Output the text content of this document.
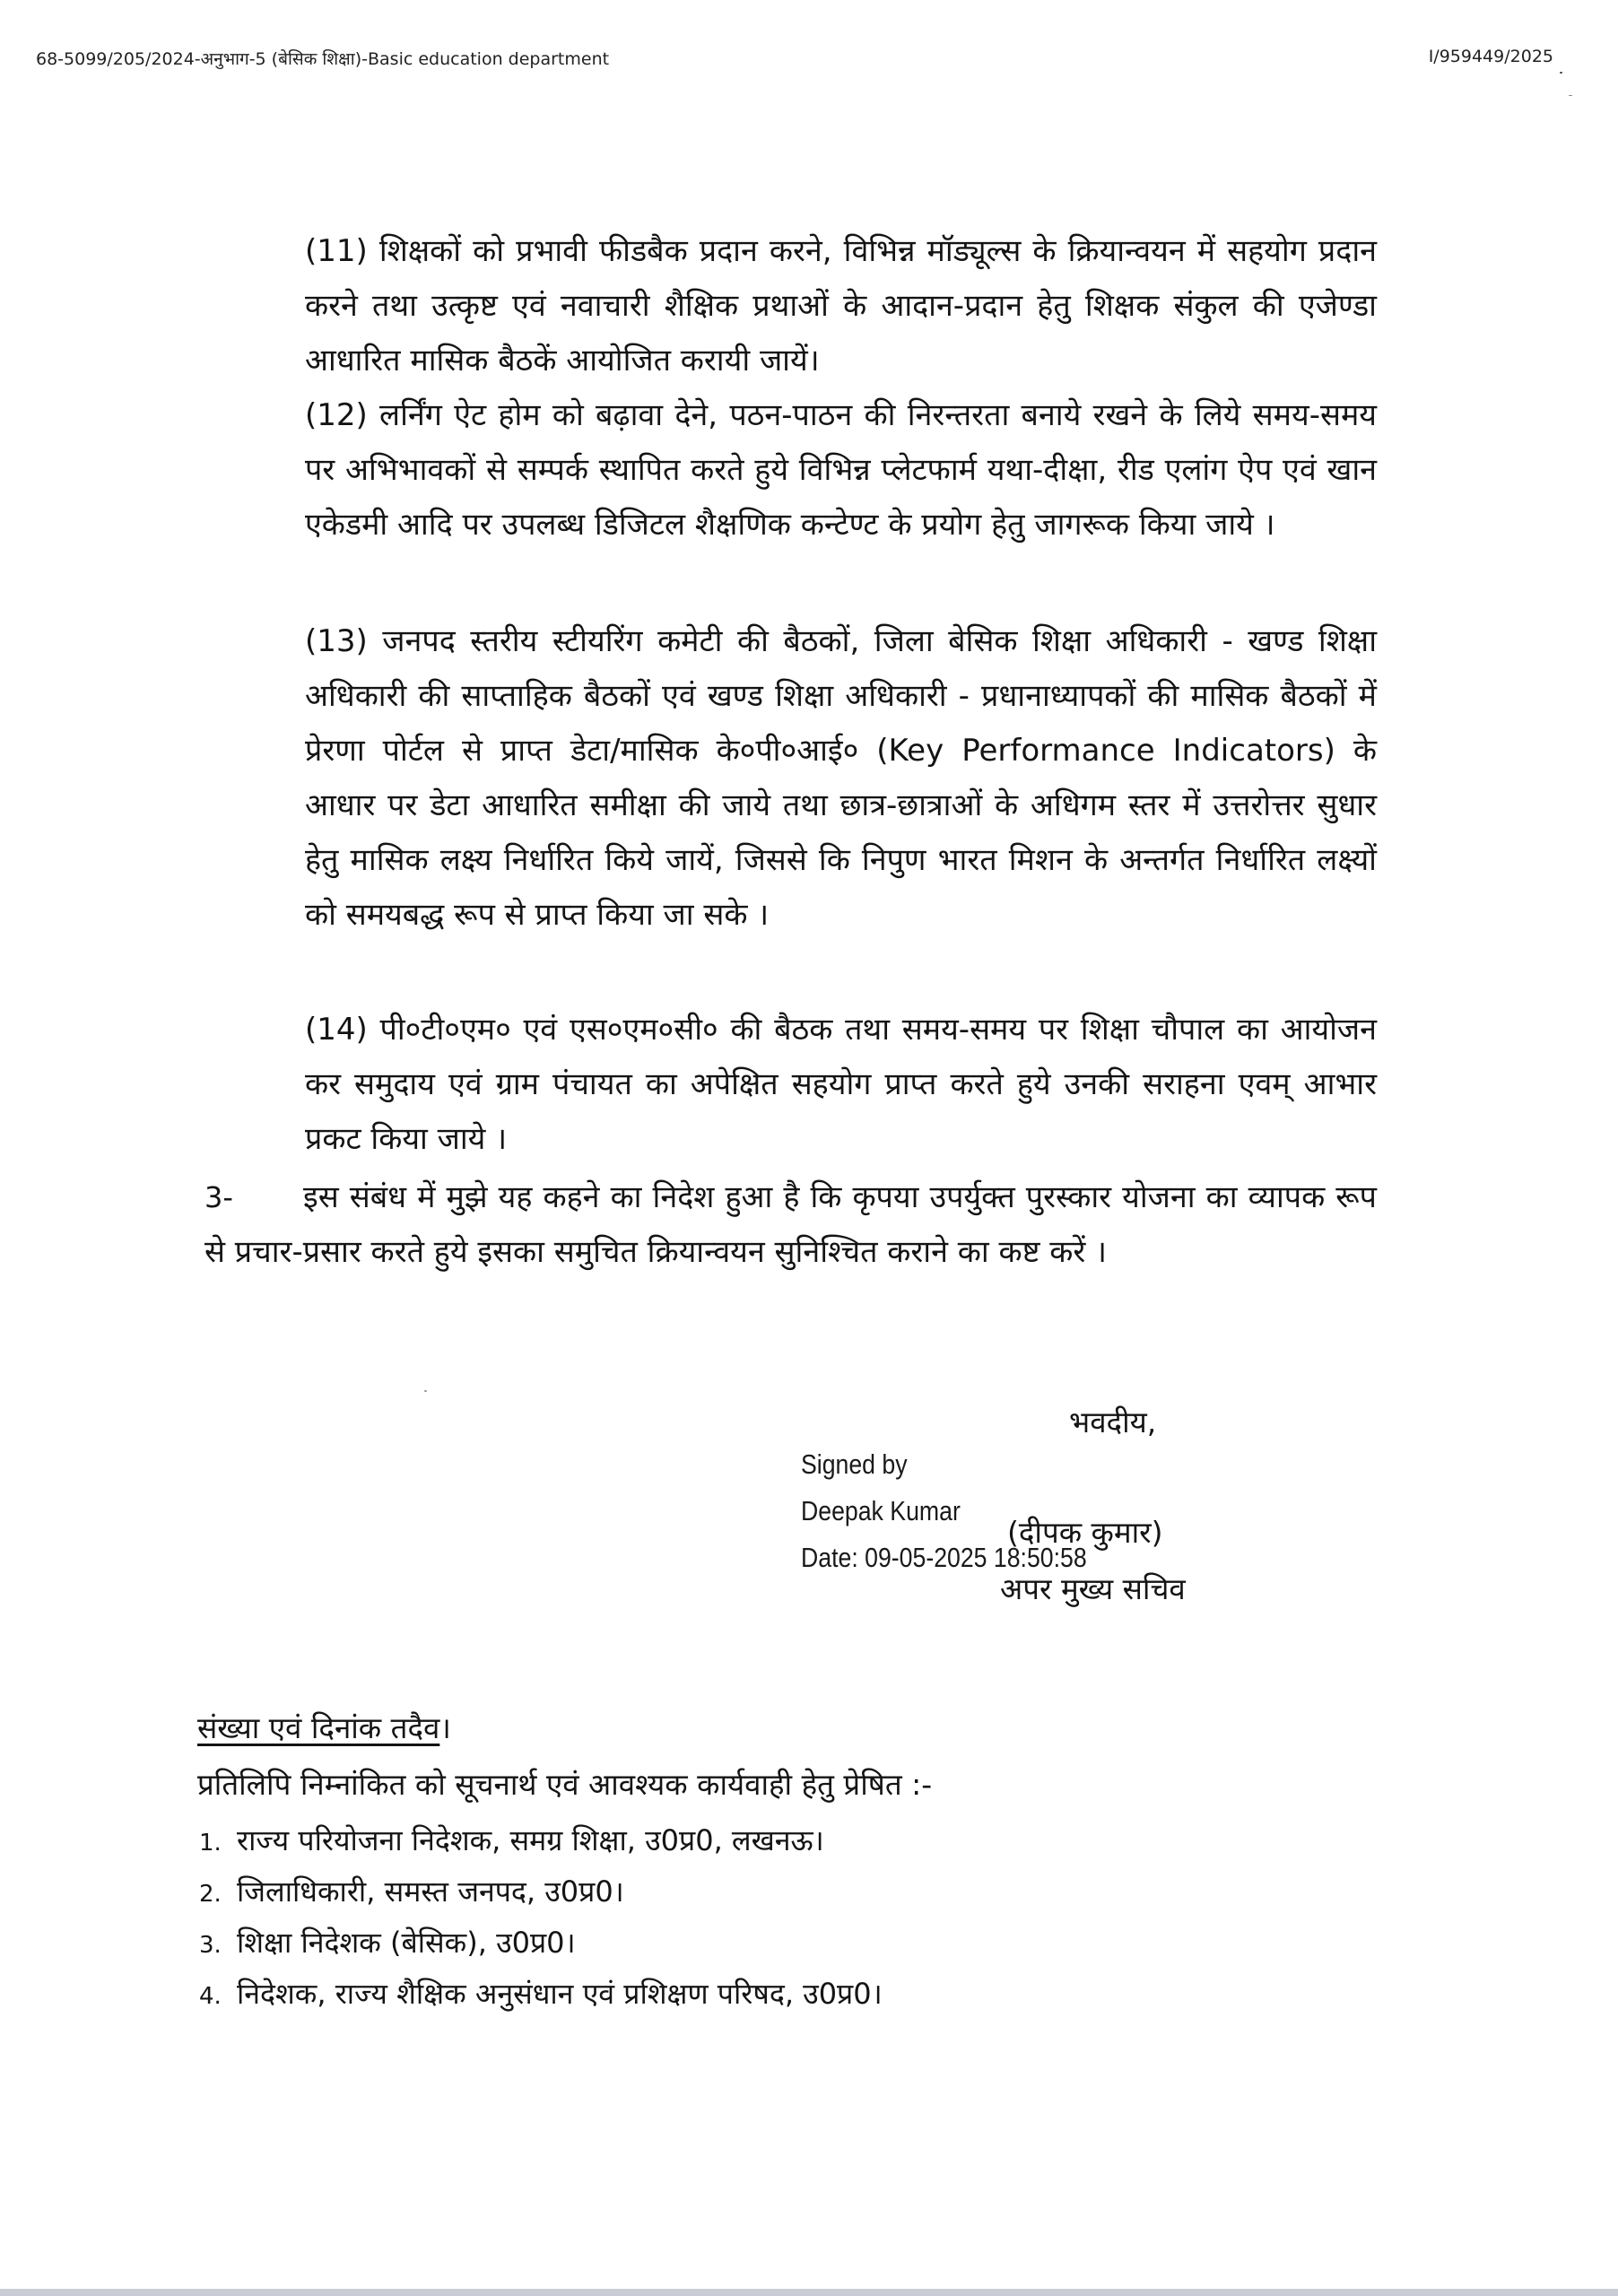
68-5099/205/2024-अनुभाग-5 (बेसिक शिक्षा)-Basic education department	I/959449/2025
(11) शिक्षकों को प्रभावी फीडबैक प्रदान करने, विभिन्न मॉड्यूल्स के क्रियान्वयन में सहयोग प्रदान करने तथा उत्कृष्ट एवं नवाचारी शैक्षिक प्रथाओं के आदान-प्रदान हेतु शिक्षक संकुल की एजेण्डा आधारित मासिक बैठकें आयोजित करायी जायें।
(12) लर्निंग ऐट होम को बढ़ावा देने, पठन-पाठन की निरन्तरता बनाये रखने के लिये समय-समय पर अभिभावकों से सम्पर्क स्थापित करते हुये विभिन्न प्लेटफार्म यथा-दीक्षा, रीड एलांग ऐप एवं खान एकेडमी आदि पर उपलब्ध डिजिटल शैक्षणिक कन्टेण्ट के प्रयोग हेतु जागरूक किया जाये ।
(13) जनपद स्तरीय स्टीयरिंग कमेटी की बैठकों, जिला बेसिक शिक्षा अधिकारी - खण्ड शिक्षा अधिकारी की साप्ताहिक बैठकों एवं खण्ड शिक्षा अधिकारी - प्रधानाध्यापकों की मासिक बैठकों में प्रेरणा पोर्टल से प्राप्त डेटा/मासिक के०पी०आई० (Key Performance Indicators) के आधार पर डेटा आधारित समीक्षा की जाये तथा छात्र-छात्राओं के अधिगम स्तर में उत्तरोत्तर सुधार हेतु मासिक लक्ष्य निर्धारित किये जायें, जिससे कि निपुण भारत मिशन के अन्तर्गत निर्धारित लक्ष्यों को समयबद्ध रूप से प्राप्त किया जा सके ।
(14) पी०टी०एम० एवं एस०एम०सी० की बैठक तथा समय-समय पर शिक्षा चौपाल का आयोजन कर समुदाय एवं ग्राम पंचायत का अपेक्षित सहयोग प्राप्त करते हुये उनकी सराहना एवम् आभार प्रकट किया जाये ।
3-	इस संबंध में मुझे यह कहने का निदेश हुआ है कि कृपया उपर्युक्त पुरस्कार योजना का व्यापक रूप से प्रचार-प्रसार करते हुये इसका समुचित क्रियान्वयन सुनिश्चित कराने का कष्ट करें ।
भवदीय,
Signed by
Deepak Kumar
Date: 09-05-2025 18:50:58
(दीपक कुमार)
अपर मुख्य सचिव
संख्या एवं दिनांक तदैव।
प्रतिलिपि निम्नांकित को सूचनार्थ एवं आवश्यक कार्यवाही हेतु प्रेषित :-
1. राज्य परियोजना निदेशक, समग्र शिक्षा, उ0प्र0, लखनऊ।
2. जिलाधिकारी, समस्त जनपद, उ0प्र0।
3. शिक्षा निदेशक (बेसिक), उ0प्र0।
4. निदेशक, राज्य शैक्षिक अनुसंधान एवं प्रशिक्षण परिषद, उ0प्र0।
